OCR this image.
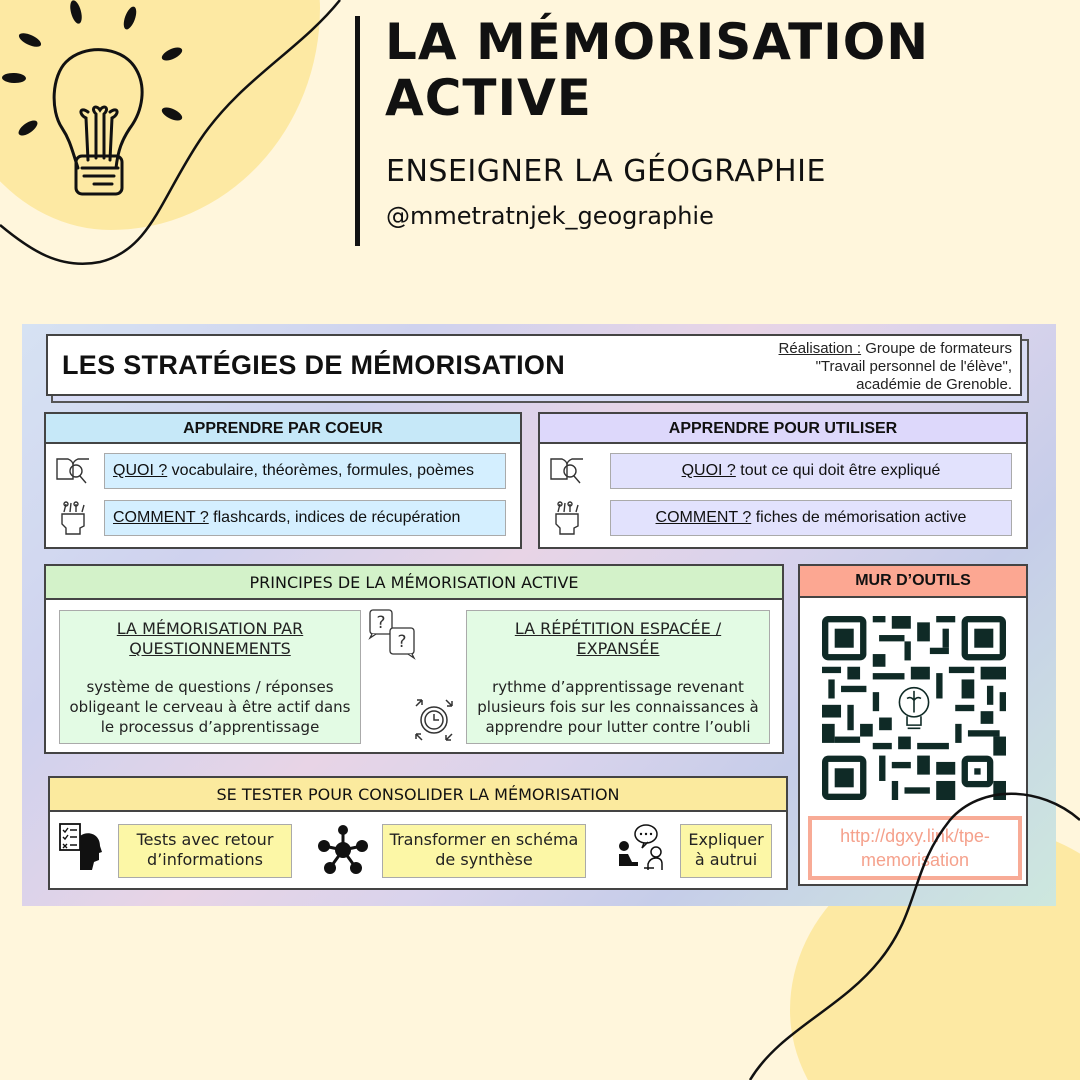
LA MÉMORISATION
ACTIVE
ENSEIGNER LA GÉOGRAPHIE
@mmetratnjek_geographie
LES STRATÉGIES DE MÉMORISATION
Réalisation : Groupe de formateurs
"Travail personnel de l'élève",
académie de Grenoble.
APPRENDRE PAR COEUR
QUOI ? vocabulaire, théorèmes, formules, poèmes
COMMENT ? flashcards, indices de récupération
APPRENDRE POUR UTILISER
QUOI ? tout ce qui doit être expliqué
COMMENT ? fiches de mémorisation active
PRINCIPES DE LA MÉMORISATION ACTIVE
LA MÉMORISATION PAR
QUESTIONNEMENTS
système de questions / réponses
obligeant le cerveau à être actif dans
le processus d’apprentissage
?
?
LA RÉPÉTITION ESPACÉE /
EXPANSÉE
rythme d’apprentissage revenant
plusieurs fois sur les connaissances à
apprendre pour lutter contre l’oubli
SE TESTER POUR CONSOLIDER LA MÉMORISATION
Tests avec retour
d’informations
Transformer en schéma
de synthèse
Expliquer
à autrui
MUR D’OUTILS
http://dgxy.link/tpe-
memorisation
